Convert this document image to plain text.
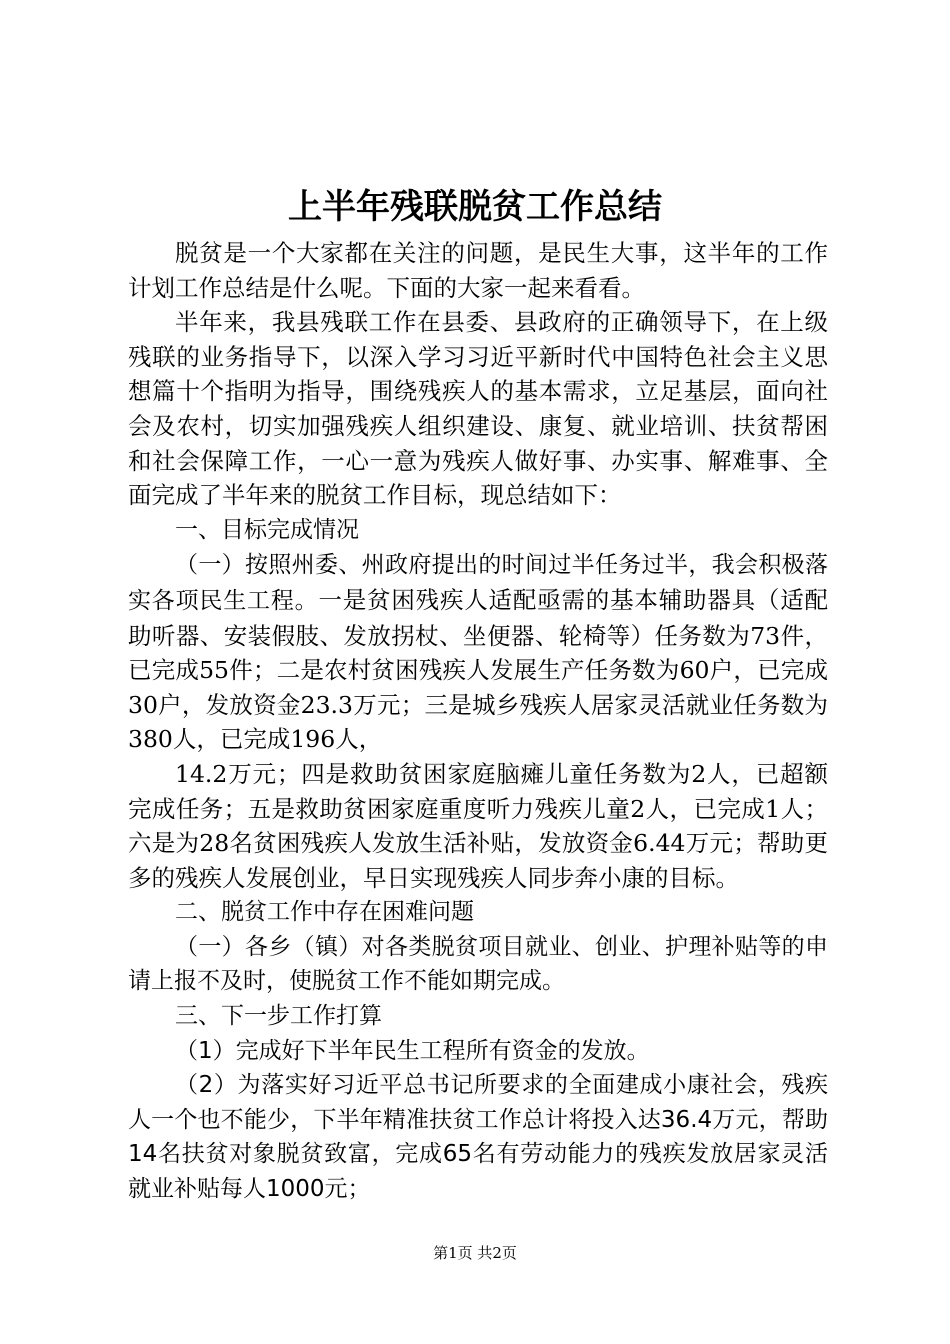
上半年残联脱贫工作总结

脱贫是一个大家都在关注的问题，是民生大事，这半年的工作计划工作总结是什么呢。下面的大家一起来看看。

半年来，我县残联工作在县委、县政府的正确领导下，在上级残联的业务指导下，以深入学习习近平新时代中国特色社会主义思想篇十个指明为指导，围绕残疾人的基本需求，立足基层，面向社会及农村，切实加强残疾人组织建设、康复、就业培训、扶贫帮困和社会保障工作，一心一意为残疾人做好事、办实事、解难事、全面完成了半年来的脱贫工作目标，现总结如下：

一、目标完成情况

（一）按照州委、州政府提出的时间过半任务过半，我会积极落实各项民生工程。一是贫困残疾人适配亟需的基本辅助器具（适配助听器、安装假肢、发放拐杖、坐便器、轮椅等）任务数为73件，已完成55件；二是农村贫困残疾人发展生产任务数为60户，已完成30户，发放资金23.3万元；三是城乡残疾人居家灵活就业任务数为380人，已完成196人，

14.2万元；四是救助贫困家庭脑瘫儿童任务数为2人，已超额完成任务；五是救助贫困家庭重度听力残疾儿童2人，已完成1人；六是为28名贫困残疾人发放生活补贴，发放资金6.44万元；帮助更多的残疾人发展创业，早日实现残疾人同步奔小康的目标。

二、脱贫工作中存在困难问题

（一）各乡（镇）对各类脱贫项目就业、创业、护理补贴等的申请上报不及时，使脱贫工作不能如期完成。

三、下一步工作打算

（1）完成好下半年民生工程所有资金的发放。

（2）为落实好习近平总书记所要求的全面建成小康社会，残疾人一个也不能少，下半年精准扶贫工作总计将投入达36.4万元，帮助14名扶贫对象脱贫致富，完成65名有劳动能力的残疾发放居家灵活就业补贴每人1000元；

第1页 共2页
